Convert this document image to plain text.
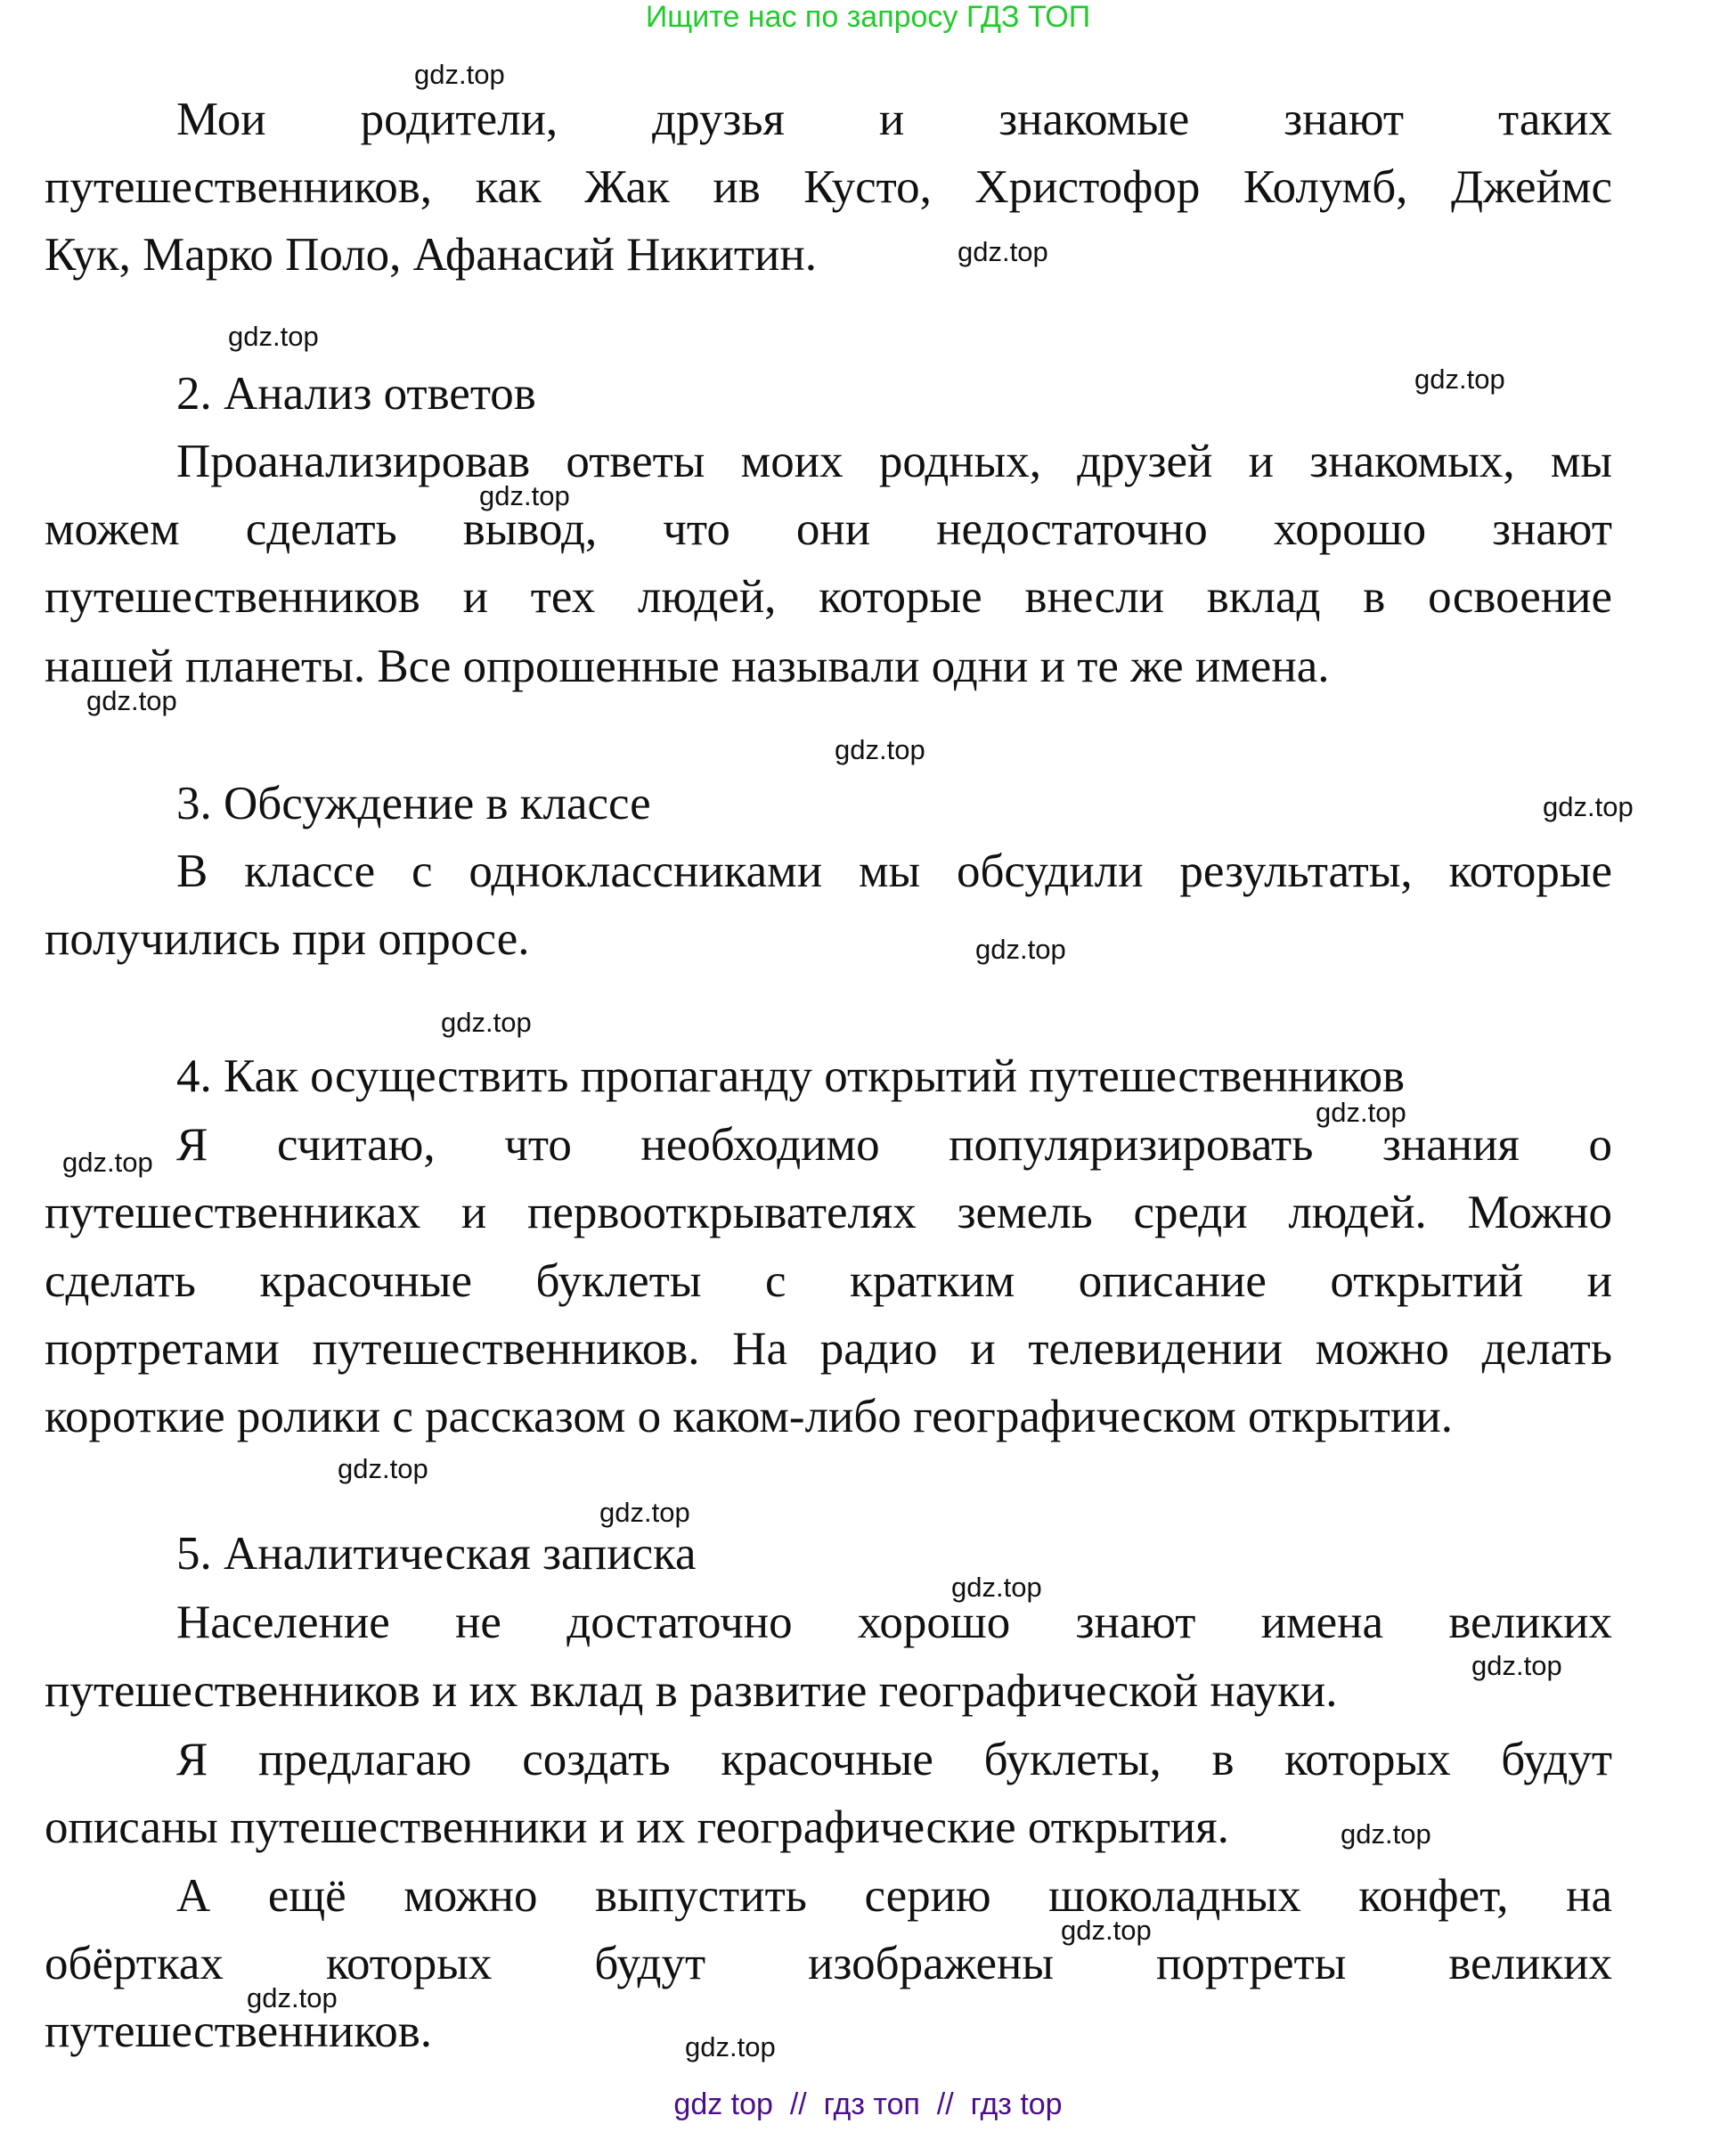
Ищите нас по запросу ГДЗ ТОП
Мои родители, друзья и знакомые знают таких
путешественников, как Жак ив Кусто, Христофор Колумб, Джеймс
Кук, Марко Поло, Афанасий Никитин.
2. Анализ ответов
Проанализировав ответы моих родных, друзей и знакомых, мы
можем сделать вывод, что они недостаточно хорошо знают
путешественников и тех людей, которые внесли вклад в освоение
нашей планеты. Все опрошенные называли одни и те же имена.
3. Обсуждение в классе
В классе с одноклассниками мы обсудили результаты, которые
получились при опросе.
4. Как осуществить пропаганду открытий путешественников
Я считаю, что необходимо популяризировать знания о
путешественниках и первооткрывателях земель среди людей. Можно
сделать красочные буклеты с кратким описание открытий и
портретами путешественников. На радио и телевидении можно делать
короткие ролики с рассказом о каком-либо географическом открытии.
5. Аналитическая записка
Население не достаточно хорошо знают имена великих
путешественников и их вклад в развитие географической науки.
Я предлагаю создать красочные буклеты, в которых будут
описаны путешественники и их географические открытия.
А ещё можно выпустить серию шоколадных конфет, на
обёртках которых будут изображены портреты великих
путешественников.
gdz.top
gdz.top
gdz.top
gdz.top
gdz.top
gdz.top
gdz.top
gdz.top
gdz.top
gdz.top
gdz.top
gdz.top
gdz.top
gdz.top
gdz.top
gdz.top
gdz.top
gdz.top
gdz.top
gdz.top
gdz top  //  гдз топ  //  гдз top
